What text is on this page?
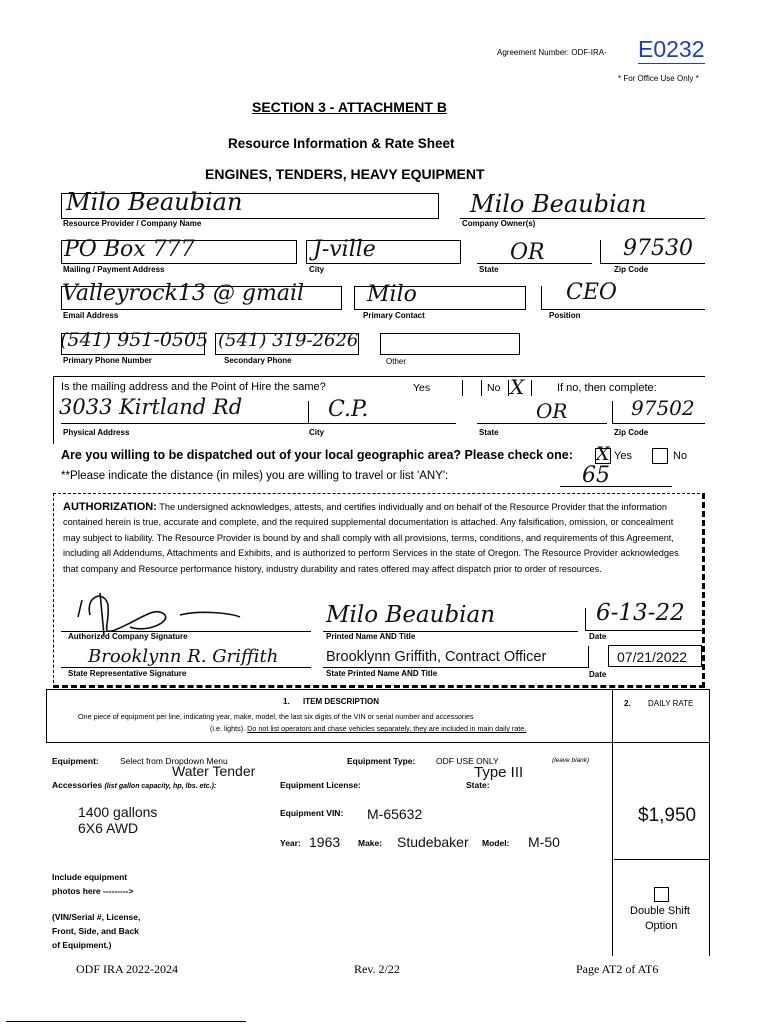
Agreement Number: ODF-IRA- E0232
* For Office Use Only *
SECTION 3 - ATTACHMENT B
Resource Information & Rate Sheet
ENGINES, TENDERS, HEAVY EQUIPMENT
Milo Beaubian
Resource Provider / Company Name
Milo Beaubian
Company Owner(s)
PO Box 777
Mailing / Payment Address
J-ville
City
OR
State
97530
Zip Code
Valleyrock13 @ gmail
Email Address
Milo
Primary Contact
CEO
Position
(541) 951-0505
Primary Phone Number
(541) 319-2626
Secondary Phone	Other
Is the mailing address and the Point of Hire the same?	Yes	No X	If no, then complete:
3033 Kirtland Rd
Physical Address
C.P.
City
OR
State
97502
Zip Code
Are you willing to be dispatched out of your local geographic area? Please check one: X Yes	No
**Please indicate the distance (in miles) you are willing to travel or list 'ANY':	65
AUTHORIZATION: The undersigned acknowledges, attests, and certifies individually and on behalf of the Resource Provider that the information contained herein is true, accurate and complete, and the required supplemental documentation is attached. Any falsification, omission, or concealment may subject to liability. The Resource Provider is bound by and shall comply with all provisions, terms, conditions, and requirements of this Agreement, including all Addendums, Attachments and Exhibits, and is authorized to perform Services in the state of Oregon. The Resource Provider acknowledges that company and Resource performance history, industry durability and rates offered may affect dispatch prior to order of resources.
Authorized Company Signature
Milo Beaubian
Printed Name AND Title
6-13-22
Date
Brooklynn R. Griffith
State Representative Signature
Brooklynn Griffith, Contract Officer
State Printed Name AND Title
07/21/2022
Date
1. ITEM DESCRIPTION
One piece of equipment per line, indicating year, make, model, the last six digits of the VIN or serial number and accessories
(i.e. lights). Do not list operators and chase vehicles separately, they are included in main daily rate.
2. DAILY RATE
Equipment:	Select from Dropdown Menu
Water Tender
Equipment Type: ODF USE ONLY	(leave blank)
Type III
Accessories (list gallon capacity, hp, lbs. etc.):	Equipment License:	State:
1400 gallons
6X6 AWD
Equipment VIN: M-65632	$1,950
Year: 1963 Make: Studebaker Model: M-50
Include equipment
photos here --------->
(VIN/Serial #, License,
Front, Side, and Back
of Equipment.)
Double Shift
Option
ODF IRA 2022-2024	Rev. 2/22	Page AT2 of AT6
